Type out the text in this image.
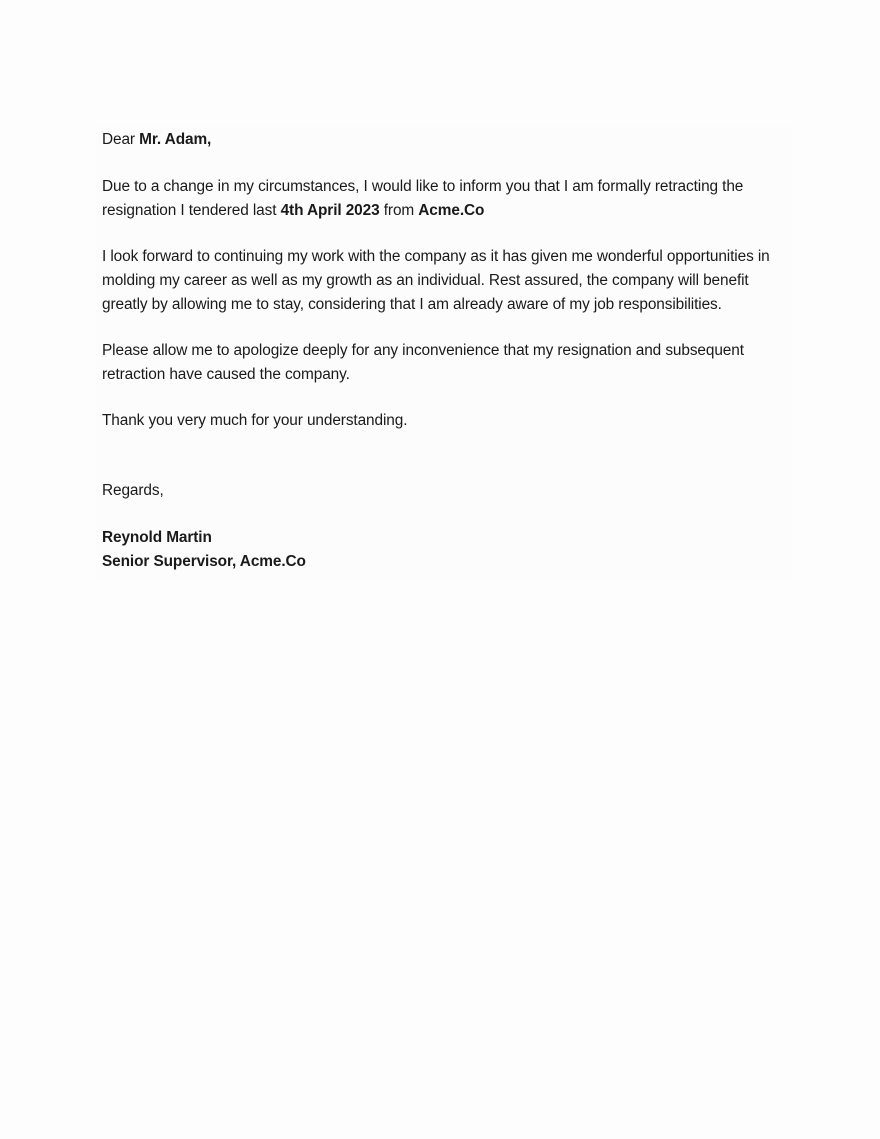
Dear Mr. Adam,

Due to a change in my circumstances, I would like to inform you that I am formally retracting the resignation I tendered last 4th April 2023 from Acme.Co

I look forward to continuing my work with the company as it has given me wonderful opportunities in molding my career as well as my growth as an individual. Rest assured, the company will benefit greatly by allowing me to stay, considering that I am already aware of my job responsibilities.

Please allow me to apologize deeply for any inconvenience that my resignation and subsequent retraction have caused the company.

Thank you very much for your understanding.

Regards,

Reynold Martin

Senior Supervisor, Acme.Co
